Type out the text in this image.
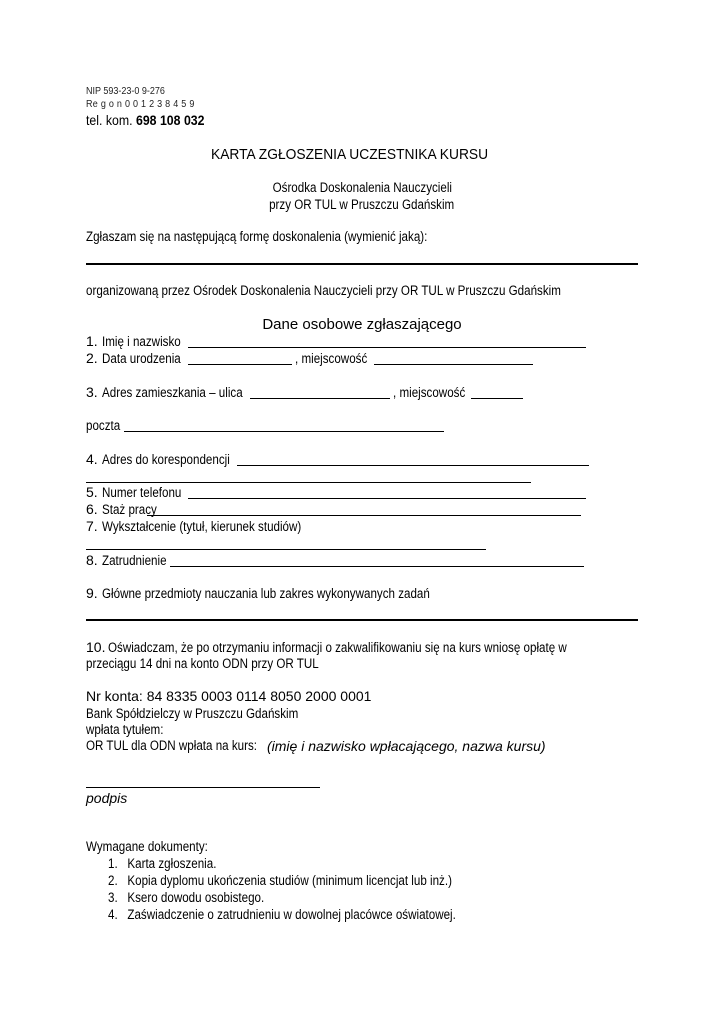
NIP 593-23-0 9-276
Re g o n 0 0 1 2 3 8 4 5 9
tel. kom. 698 108 032
KARTA ZGŁOSZENIA UCZESTNIKA KURSU
Ośrodka Doskonalenia Nauczycieli
przy OR TUL w Pruszczu Gdańskim
Zgłaszam się na następującą formę doskonalenia (wymienić jaką):
organizowaną przez Ośrodek Doskonalenia Nauczycieli przy OR TUL w Pruszczu Gdańskim
Dane osobowe zgłaszającego
1. Imię i nazwisko
2. Data urodzenia	, miejscowość
3. Adres zamieszkania – ulica	, miejscowość
poczta
4. Adres do korespondencji
5. Numer telefonu
6. Staż pracy
7. Wykształcenie (tytuł, kierunek studiów)
8. Zatrudnienie
9. Główne przedmioty nauczania lub zakres wykonywanych zadań
10. Oświadczam, że po otrzymaniu informacji o zakwalifikowaniu się na kurs wniosę opłatę w
przeciągu 14 dni na konto ODN przy OR TUL
Nr konta: 84 8335 0003 0114 8050 2000 0001
Bank Spółdzielczy w Pruszczu Gdańskim
wpłata tytułem:
OR TUL dla ODN wpłata na kurs: (imię i nazwisko wpłacającego, nazwa kursu)
podpis
Wymagane dokumenty:
1. Karta zgłoszenia.
2. Kopia dyplomu ukończenia studiów (minimum licencjat lub inż.)
3. Ksero dowodu osobistego.
4. Zaświadczenie o zatrudnieniu w dowolnej placówce oświatowej.
